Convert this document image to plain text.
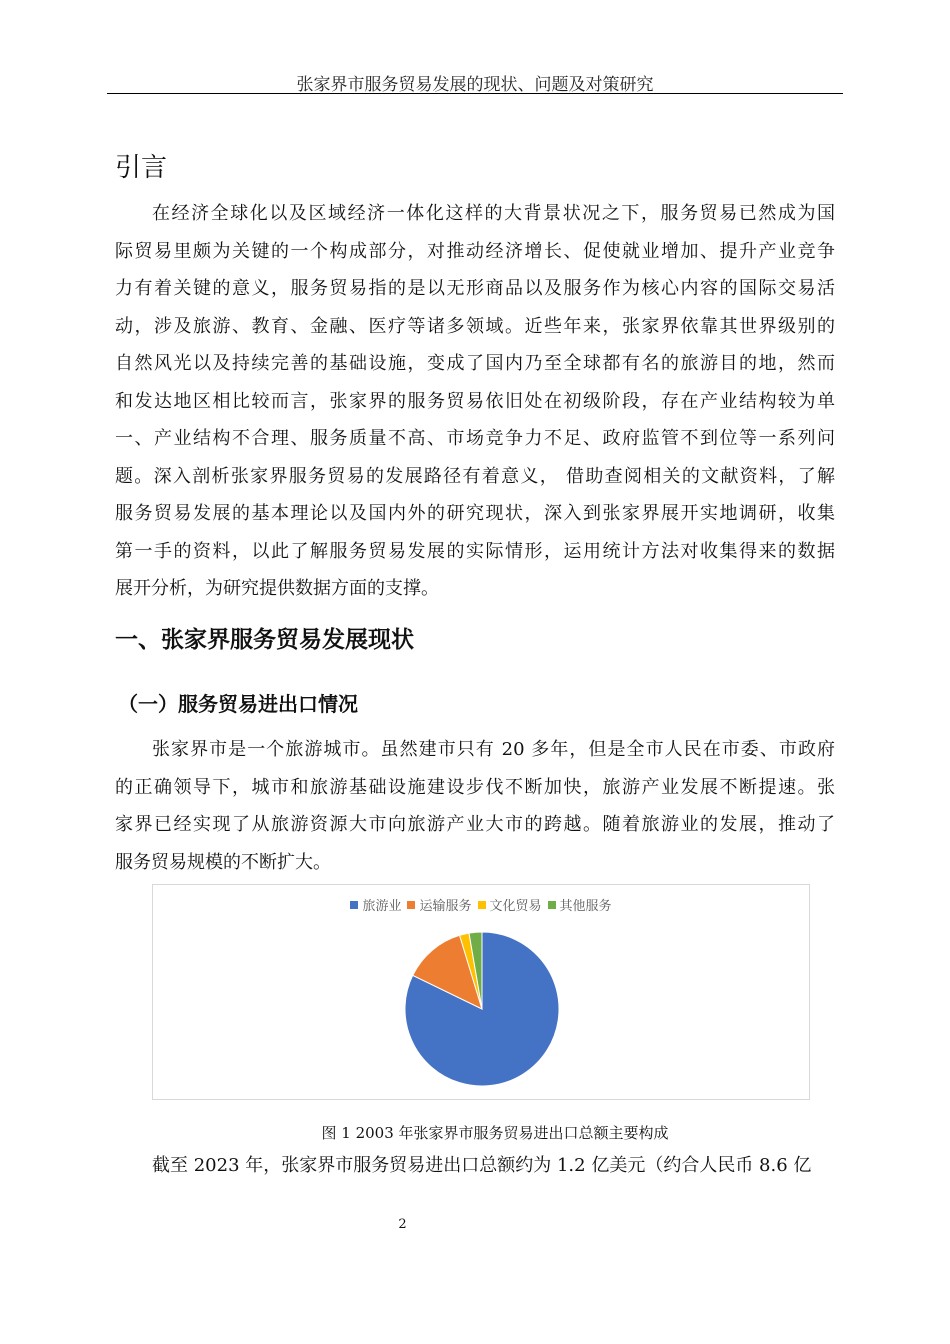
张家界市服务贸易发展的现状、问题及对策研究
引言
在经济全球化以及区域经济一体化这样的大背景状况之下，服务贸易已然成为国
际贸易里颇为关键的一个构成部分，对推动经济增长、促使就业增加、提升产业竞争
力有着关键的意义，服务贸易指的是以无形商品以及服务作为核心内容的国际交易活
动，涉及旅游、教育、金融、医疗等诸多领域。近些年来，张家界依靠其世界级别的
自然风光以及持续完善的基础设施，变成了国内乃至全球都有名的旅游目的地，然而
和发达地区相比较而言，张家界的服务贸易依旧处在初级阶段，存在产业结构较为单
一、产业结构不合理、服务质量不高、市场竞争力不足、政府监管不到位等一系列问
题。深入剖析张家界服务贸易的发展路径有着意义， 借助查阅相关的文献资料，了解
服务贸易发展的基本理论以及国内外的研究现状，深入到张家界展开实地调研，收集
第一手的资料，以此了解服务贸易发展的实际情形，运用统计方法对收集得来的数据
展开分析，为研究提供数据方面的支撑。
一、张家界服务贸易发展现状
（一）服务贸易进出口情况
张家界市是一个旅游城市。虽然建市只有 20 多年，但是全市人民在市委、市政府
的正确领导下，城市和旅游基础设施建设步伐不断加快，旅游产业发展不断提速。张
家界已经实现了从旅游资源大市向旅游产业大市的跨越。随着旅游业的发展，推动了
服务贸易规模的不断扩大。
旅游业 运输服务 文化贸易 其他服务
图 1 2003 年张家界市服务贸易进出口总额主要构成
截至 2023 年，张家界市服务贸易进出口总额约为 1.2 亿美元（约合人民币 8.6 亿
2
